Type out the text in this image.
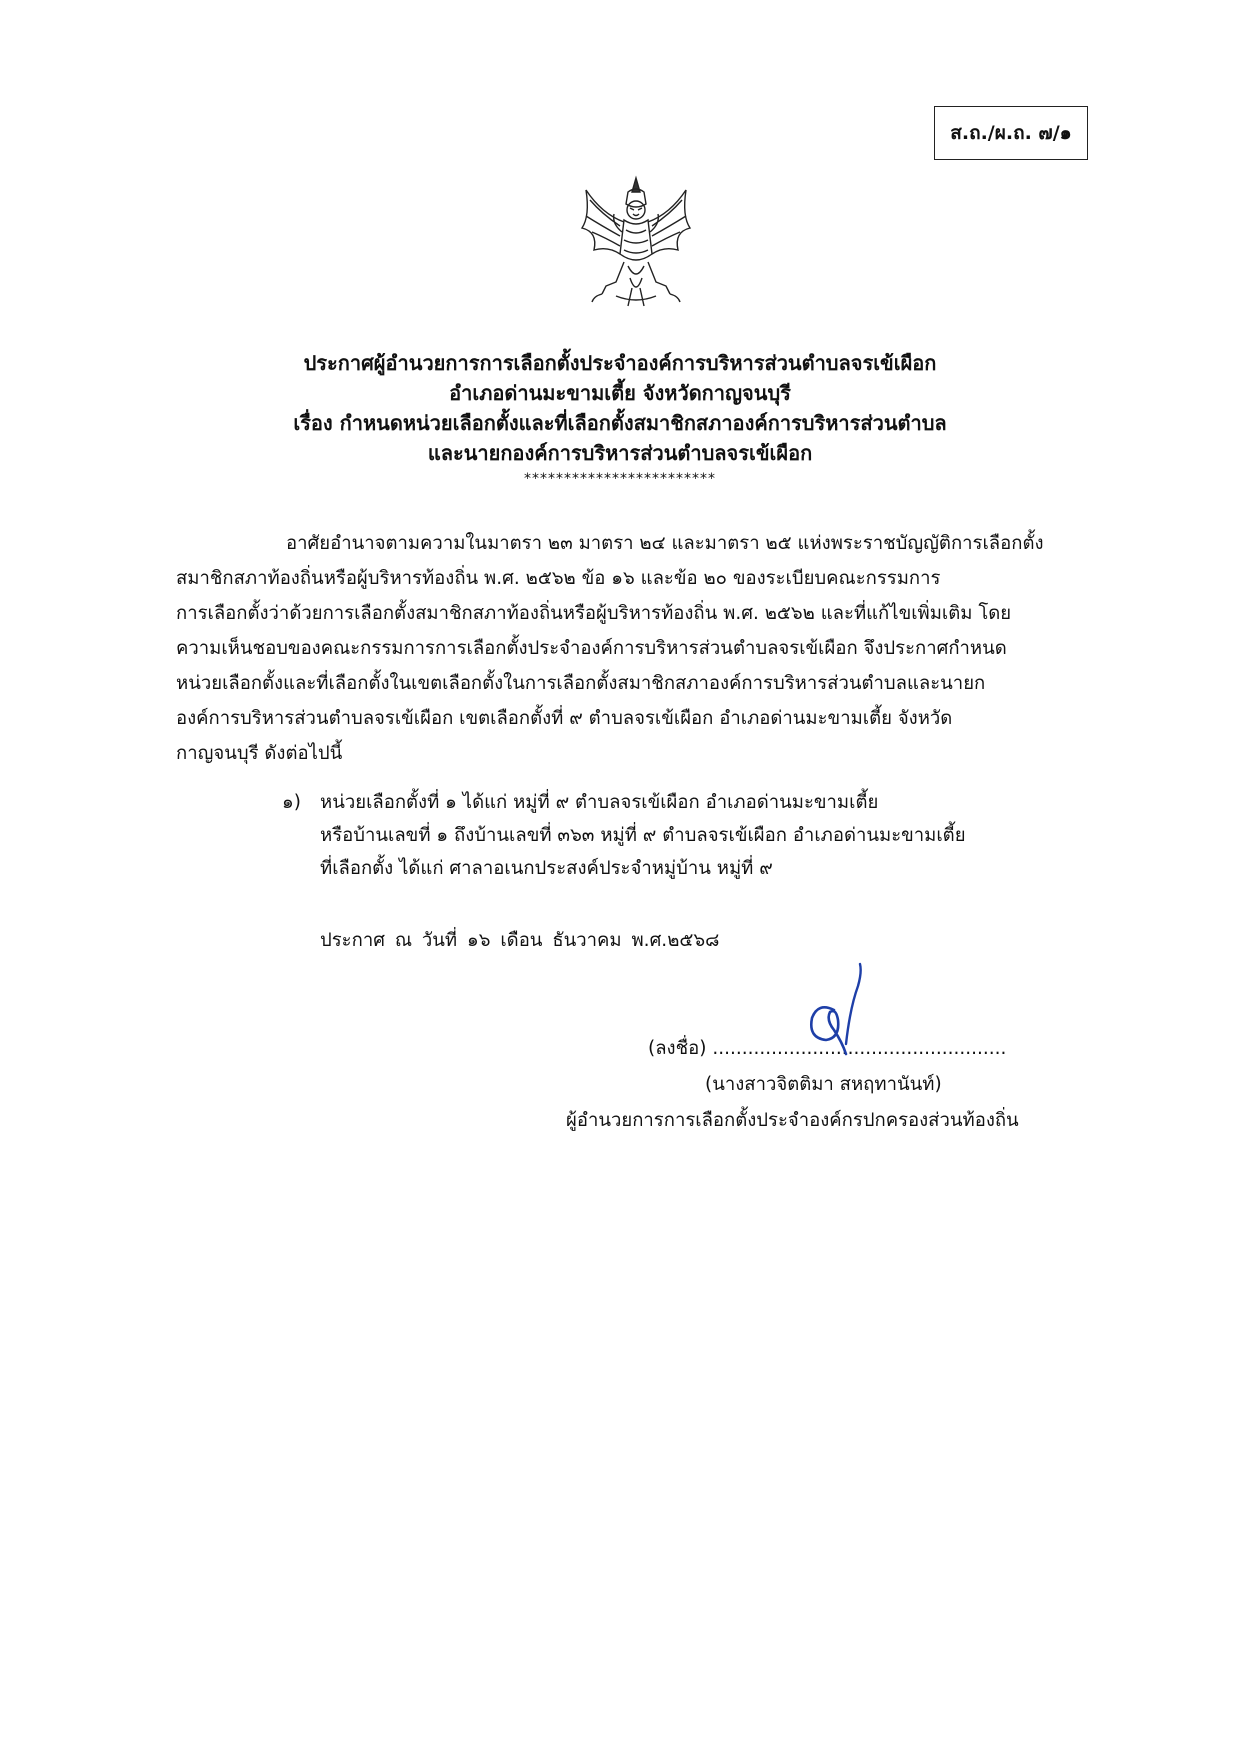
ส.ถ./ผ.ถ. ๗/๑
ประกาศผู้อำนวยการการเลือกตั้งประจำองค์การบริหารส่วนตำบลจรเข้เผือก
อำเภอด่านมะขามเตี้ย จังหวัดกาญจนบุรี
เรื่อง กำหนดหน่วยเลือกตั้งและที่เลือกตั้งสมาชิกสภาองค์การบริหารส่วนตำบล
และนายกองค์การบริหารส่วนตำบลจรเข้เผือก
************************
อาศัยอำนาจตามความในมาตรา ๒๓ มาตรา ๒๔ และมาตรา ๒๕ แห่งพระราชบัญญัติการเลือกตั้ง
สมาชิกสภาท้องถิ่นหรือผู้บริหารท้องถิ่น พ.ศ. ๒๕๖๒ ข้อ ๑๖ และข้อ ๒๐ ของระเบียบคณะกรรมการ
การเลือกตั้งว่าด้วยการเลือกตั้งสมาชิกสภาท้องถิ่นหรือผู้บริหารท้องถิ่น พ.ศ. ๒๕๖๒ และที่แก้ไขเพิ่มเติม โดย
ความเห็นชอบของคณะกรรมการการเลือกตั้งประจำองค์การบริหารส่วนตำบลจรเข้เผือก จึงประกาศกำหนด
หน่วยเลือกตั้งและที่เลือกตั้งในเขตเลือกตั้งในการเลือกตั้งสมาชิกสภาองค์การบริหารส่วนตำบลและนายก
องค์การบริหารส่วนตำบลจรเข้เผือก เขตเลือกตั้งที่ ๙ ตำบลจรเข้เผือก อำเภอด่านมะขามเตี้ย จังหวัด
กาญจนบุรี ดังต่อไปนี้
๑) หน่วยเลือกตั้งที่ ๑ ได้แก่ หมู่ที่ ๙ ตำบลจรเข้เผือก อำเภอด่านมะขามเตี้ย
หรือบ้านเลขที่ ๑ ถึงบ้านเลขที่ ๓๖๓ หมู่ที่ ๙ ตำบลจรเข้เผือก อำเภอด่านมะขามเตี้ย
ที่เลือกตั้ง ได้แก่ ศาลาอเนกประสงค์ประจำหมู่บ้าน หมู่ที่ ๙
ประกาศ ณ วันที่ ๑๖ เดือน ธันวาคม พ.ศ.๒๕๖๘
(ลงชื่อ) ..................................................
(นางสาวจิตติมา สหฤทานันท์)
ผู้อำนวยการการเลือกตั้งประจำองค์กรปกครองส่วนท้องถิ่น
